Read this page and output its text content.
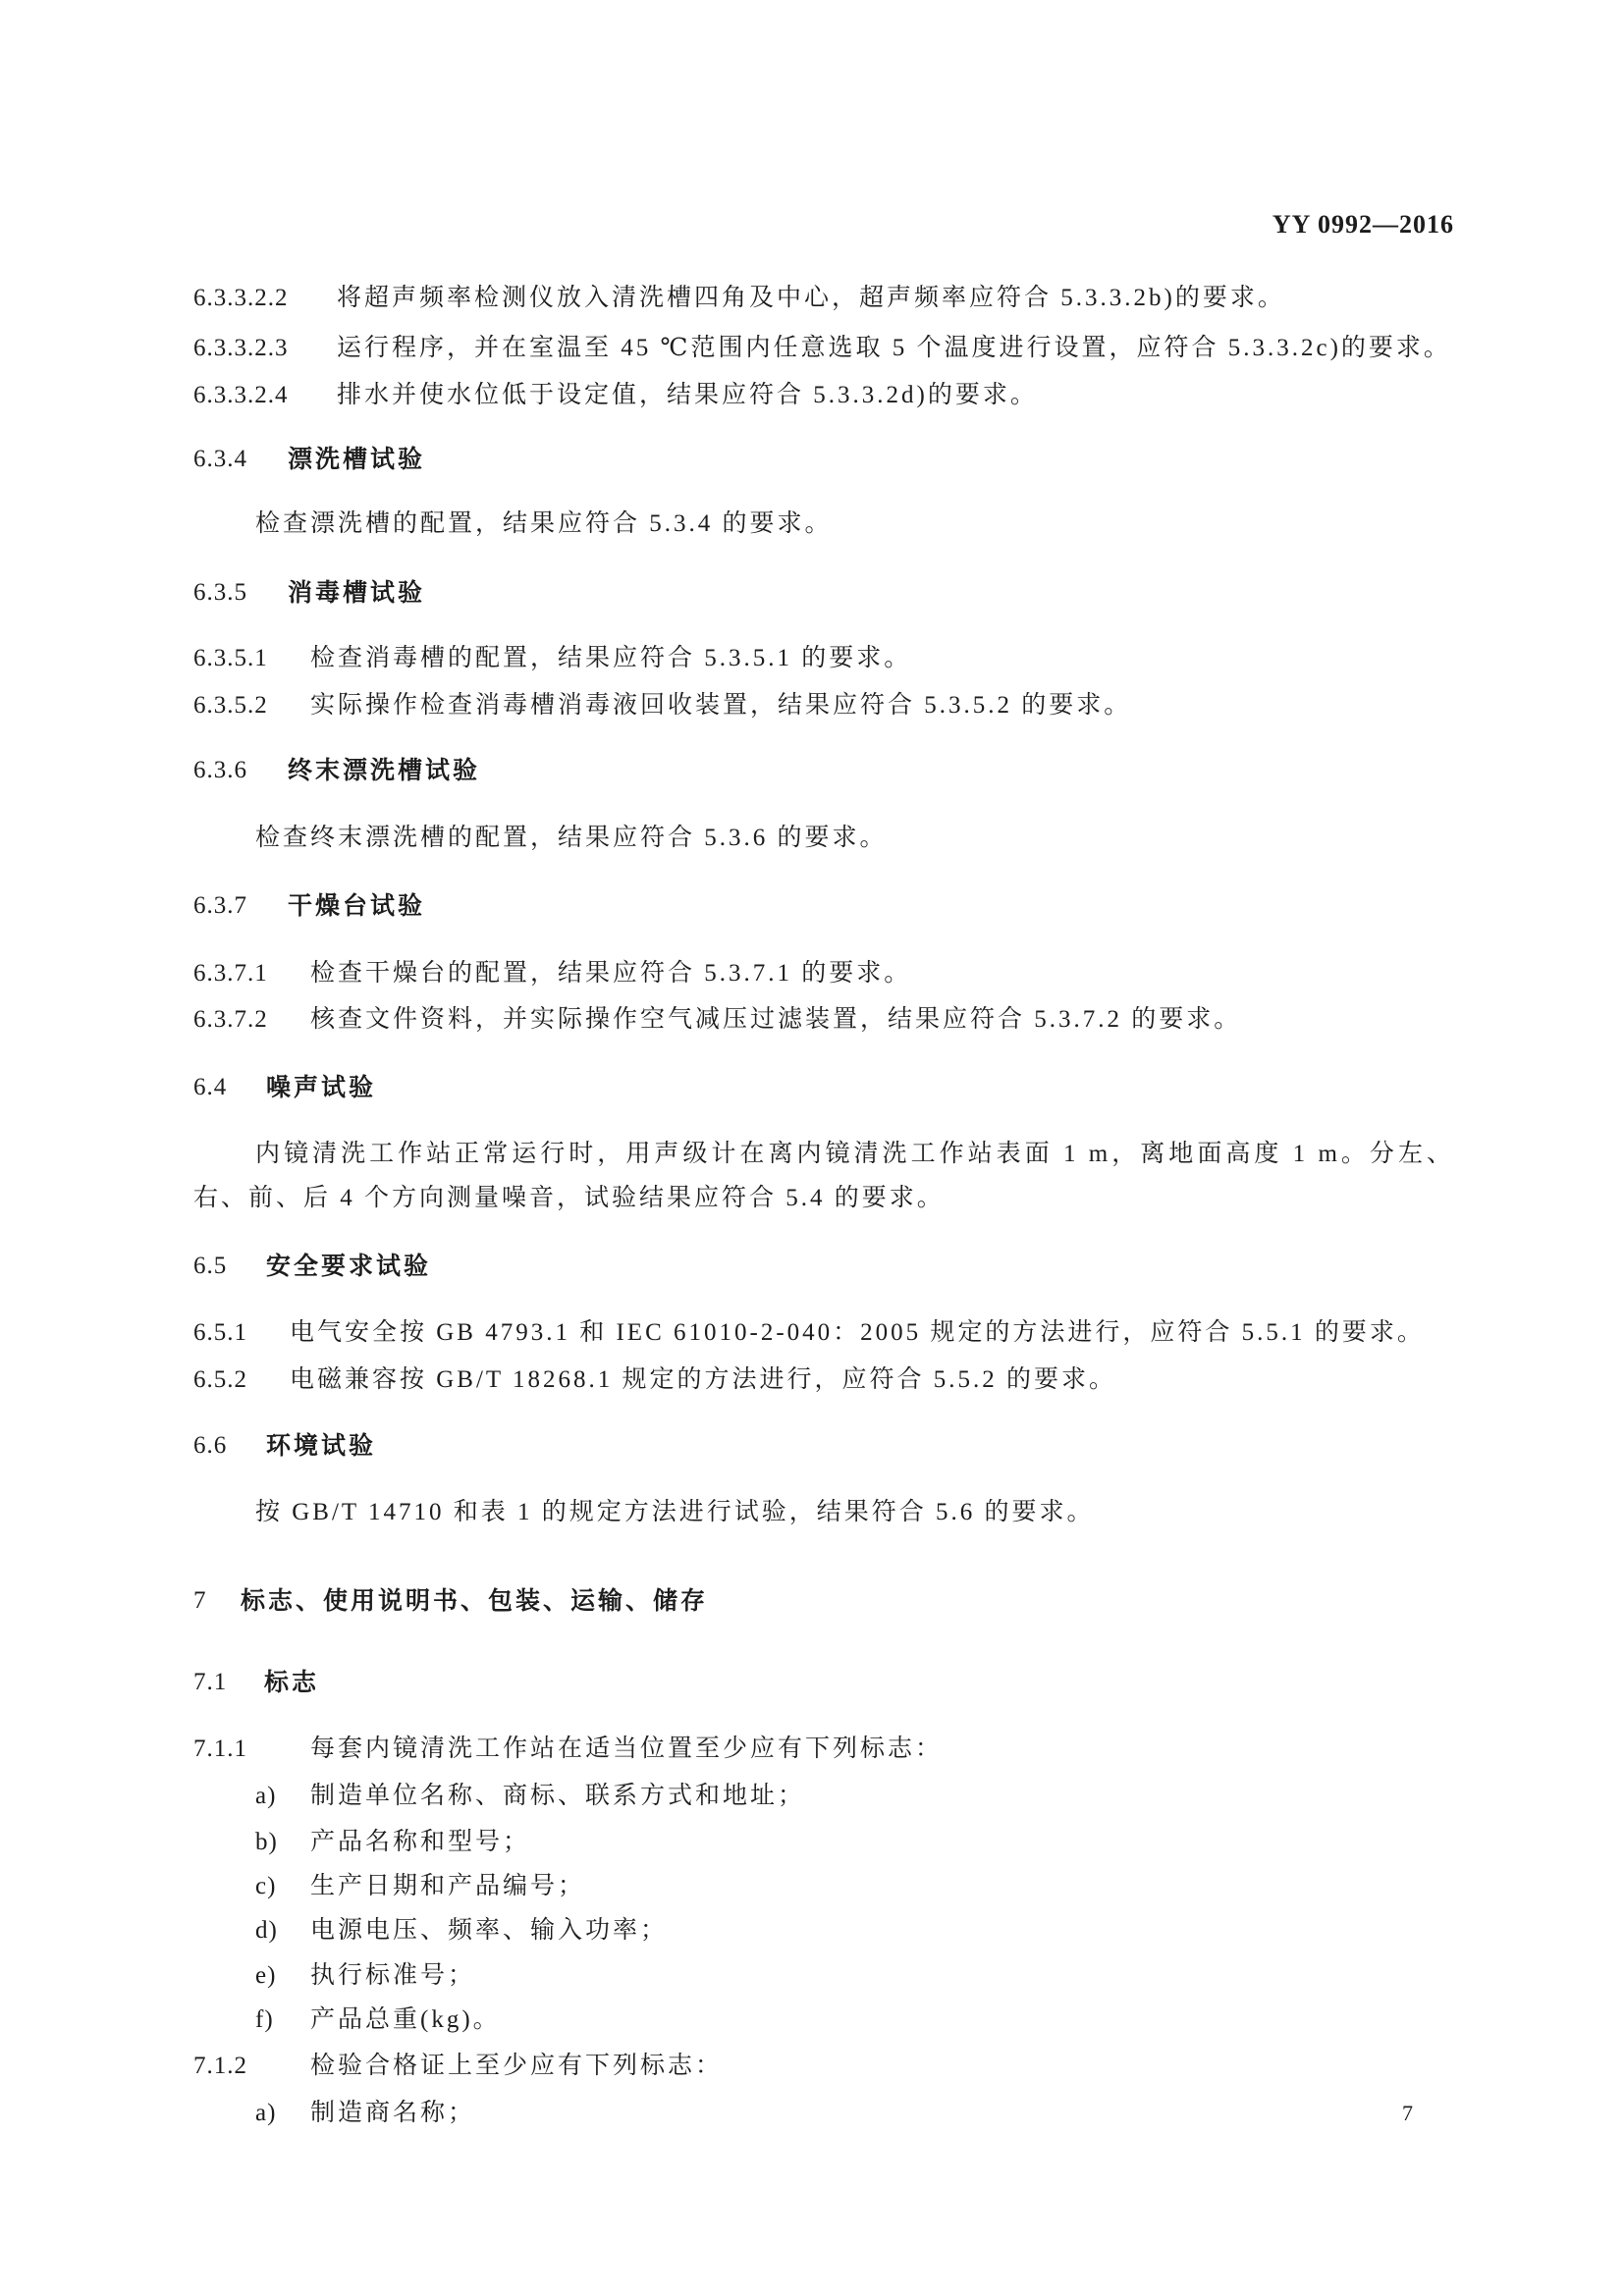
YY 0992—2016
6.3.3.2.2 将超声频率检测仪放入清洗槽四角及中心，超声频率应符合 5.3.3.2b)的要求。
6.3.3.2.3 运行程序，并在室温至 45 ℃范围内任意选取 5 个温度进行设置，应符合 5.3.3.2c)的要求。
6.3.3.2.4 排水并使水位低于设定值，结果应符合 5.3.3.2d)的要求。
6.3.4 漂洗槽试验
检查漂洗槽的配置，结果应符合 5.3.4 的要求。
6.3.5 消毒槽试验
6.3.5.1 检查消毒槽的配置，结果应符合 5.3.5.1 的要求。
6.3.5.2 实际操作检查消毒槽消毒液回收装置，结果应符合 5.3.5.2 的要求。
6.3.6 终末漂洗槽试验
检查终末漂洗槽的配置，结果应符合 5.3.6 的要求。
6.3.7 干燥台试验
6.3.7.1 检查干燥台的配置，结果应符合 5.3.7.1 的要求。
6.3.7.2 核查文件资料，并实际操作空气减压过滤装置，结果应符合 5.3.7.2 的要求。
6.4 噪声试验
内镜清洗工作站正常运行时，用声级计在离内镜清洗工作站表面 1 m，离地面高度 1 m。分左、右、前、后 4 个方向测量噪音，试验结果应符合 5.4 的要求。
6.5 安全要求试验
6.5.1 电气安全按 GB 4793.1 和 IEC 61010-2-040：2005 规定的方法进行，应符合 5.5.1 的要求。
6.5.2 电磁兼容按 GB/T 18268.1 规定的方法进行，应符合 5.5.2 的要求。
6.6 环境试验
按 GB/T 14710 和表 1 的规定方法进行试验，结果符合 5.6 的要求。
7 标志、使用说明书、包装、运输、储存
7.1 标志
7.1.1	每套内镜清洗工作站在适当位置至少应有下列标志：
a) 制造单位名称、商标、联系方式和地址；
b) 产品名称和型号；
c) 生产日期和产品编号；
d) 电源电压、频率、输入功率；
e) 执行标准号；
f) 产品总重(kg)。
7.1.2	检验合格证上至少应有下列标志：
a) 制造商名称；	7
